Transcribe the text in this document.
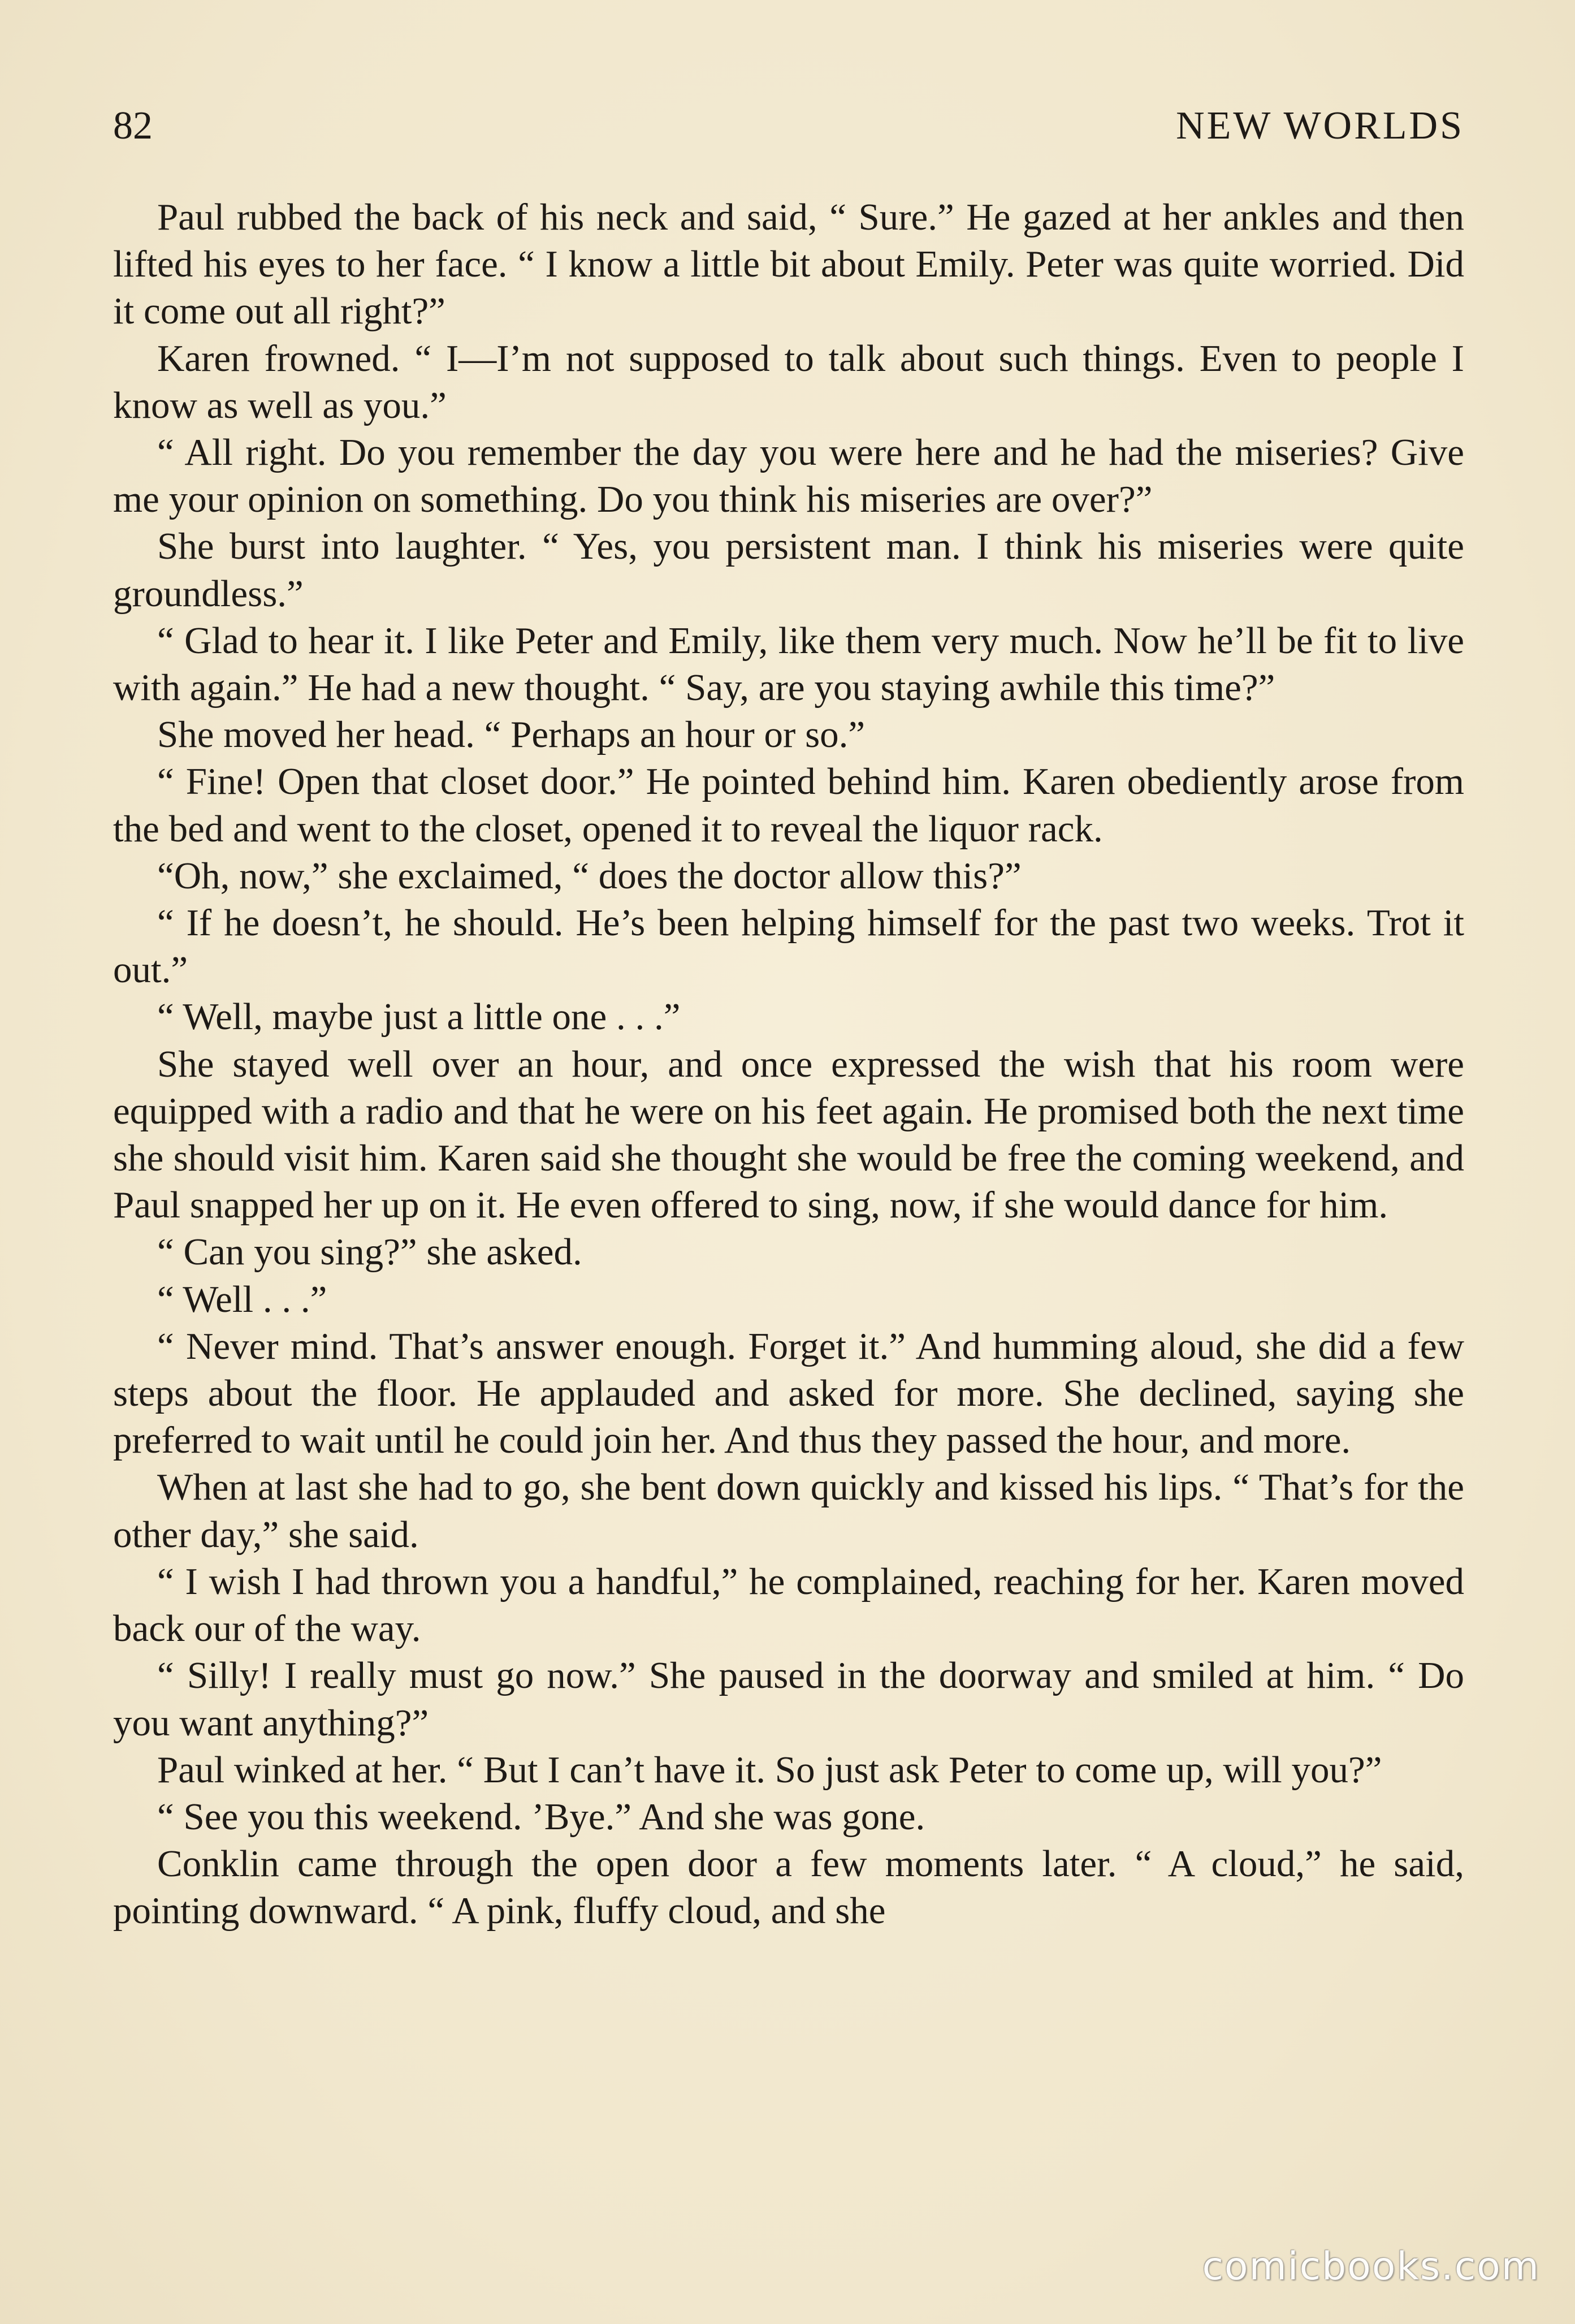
82	NEW WORLDS

Paul rubbed the back of his neck and said, “ Sure.” He gazed at her ankles and then lifted his eyes to her face. “ I know a little bit about Emily. Peter was quite worried. Did it come out all right?”

Karen frowned. “ I—I’m not supposed to talk about such things. Even to people I know as well as you.”

“ All right. Do you remember the day you were here and he had the miseries? Give me your opinion on something. Do you think his miseries are over?”

She burst into laughter. “ Yes, you persistent man. I think his miseries were quite groundless.”

“ Glad to hear it. I like Peter and Emily, like them very much. Now he’ll be fit to live with again.” He had a new thought. “ Say, are you staying awhile this time?”

She moved her head. “ Perhaps an hour or so.”

“ Fine! Open that closet door.” He pointed behind him. Karen obediently arose from the bed and went to the closet, opened it to reveal the liquor rack.

“Oh, now,” she exclaimed, “ does the doctor allow this?”

“ If he doesn’t, he should. He’s been helping himself for the past two weeks. Trot it out.”

“ Well, maybe just a little one . . .”

She stayed well over an hour, and once expressed the wish that his room were equipped with a radio and that he were on his feet again. He promised both the next time she should visit him. Karen said she thought she would be free the coming weekend, and Paul snapped her up on it. He even offered to sing, now, if she would dance for him.

“ Can you sing?” she asked.

“ Well . . .”

“ Never mind. That’s answer enough. Forget it.” And humming aloud, she did a few steps about the floor. He applauded and asked for more. She declined, saying she preferred to wait until he could join her. And thus they passed the hour, and more.

When at last she had to go, she bent down quickly and kissed his lips. “ That’s for the other day,” she said.

“ I wish I had thrown you a handful,” he complained, reaching for her. Karen moved back our of the way.

“ Silly! I really must go now.” She paused in the doorway and smiled at him. “ Do you want anything?”

Paul winked at her. “ But I can’t have it. So just ask Peter to come up, will you?”

“ See you this weekend. ’Bye.” And she was gone.

Conklin came through the open door a few moments later. “ A cloud,” he said, pointing downward. “ A pink, fluffy cloud, and she

comicbooks.com
